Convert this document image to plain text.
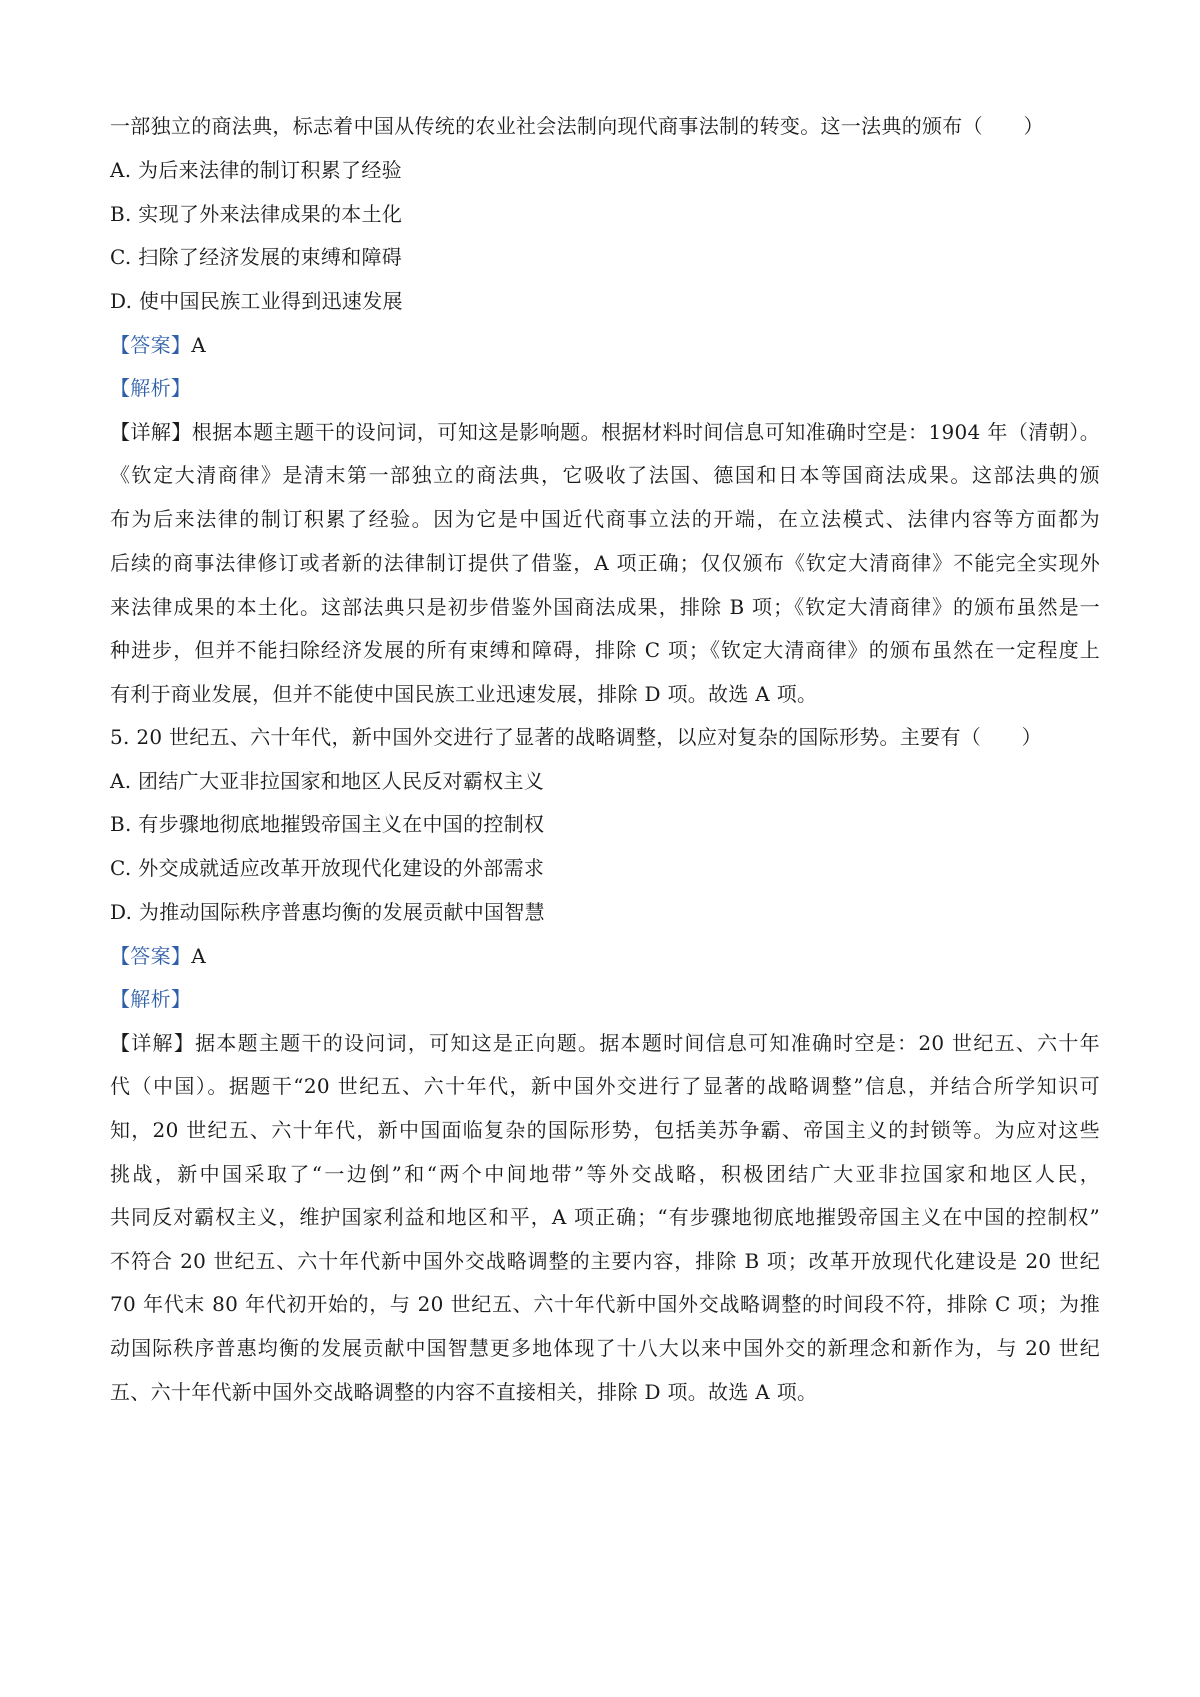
一部独立的商法典，标志着中国从传统的农业社会法制向现代商事法制的转变。这一法典的颁布（　　）
A. 为后来法律的制订积累了经验
B. 实现了外来法律成果的本土化
C. 扫除了经济发展的束缚和障碍
D. 使中国民族工业得到迅速发展
【答案】A
【解析】
【详解】根据本题主题干的设问词，可知这是影响题。根据材料时间信息可知准确时空是：1904 年（清朝）。
《钦定大清商律》是清末第一部独立的商法典，它吸收了法国、德国和日本等国商法成果。这部法典的颁
布为后来法律的制订积累了经验。因为它是中国近代商事立法的开端，在立法模式、法律内容等方面都为
后续的商事法律修订或者新的法律制订提供了借鉴，A 项正确；仅仅颁布《钦定大清商律》不能完全实现外
来法律成果的本土化。这部法典只是初步借鉴外国商法成果，排除 B 项；《钦定大清商律》的颁布虽然是一
种进步，但并不能扫除经济发展的所有束缚和障碍，排除 C 项；《钦定大清商律》的颁布虽然在一定程度上
有利于商业发展，但并不能使中国民族工业迅速发展，排除 D 项。故选 A 项。
5. 20 世纪五、六十年代，新中国外交进行了显著的战略调整，以应对复杂的国际形势。主要有（　　）
A. 团结广大亚非拉国家和地区人民反对霸权主义
B. 有步骤地彻底地摧毁帝国主义在中国的控制权
C. 外交成就适应改革开放现代化建设的外部需求
D. 为推动国际秩序普惠均衡的发展贡献中国智慧
【答案】A
【解析】
【详解】据本题主题干的设问词，可知这是正向题。据本题时间信息可知准确时空是：20 世纪五、六十年
代（中国）。据题干“20 世纪五、六十年代，新中国外交进行了显著的战略调整”信息，并结合所学知识可
知，20 世纪五、六十年代，新中国面临复杂的国际形势，包括美苏争霸、帝国主义的封锁等。为应对这些
挑战，新中国采取了“一边倒”和“两个中间地带”等外交战略，积极团结广大亚非拉国家和地区人民，
共同反对霸权主义，维护国家利益和地区和平，A 项正确；“有步骤地彻底地摧毁帝国主义在中国的控制权”
不符合 20 世纪五、六十年代新中国外交战略调整的主要内容，排除 B 项；改革开放现代化建设是 20 世纪
70 年代末 80 年代初开始的，与 20 世纪五、六十年代新中国外交战略调整的时间段不符，排除 C 项；为推
动国际秩序普惠均衡的发展贡献中国智慧更多地体现了十八大以来中国外交的新理念和新作为，与 20 世纪
五、六十年代新中国外交战略调整的内容不直接相关，排除 D 项。故选 A 项。
